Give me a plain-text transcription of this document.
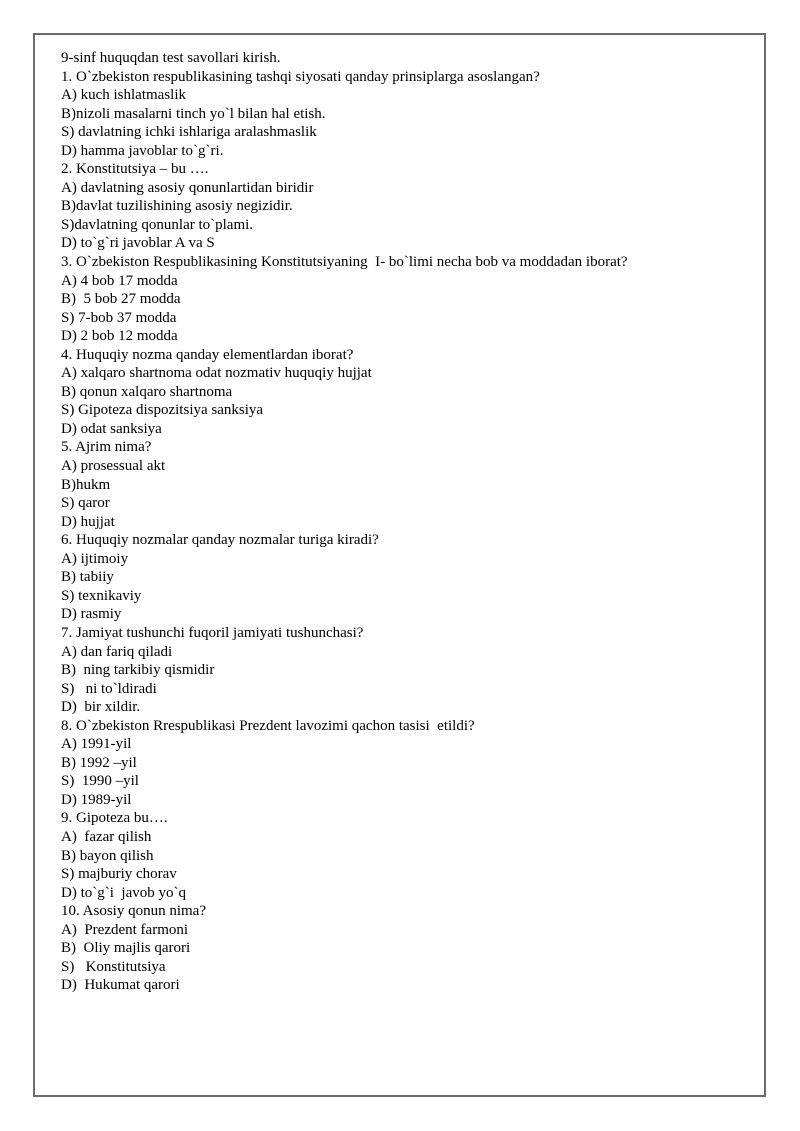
9-sinf huquqdan test savollari kirish.

1. O`zbekiston respublikasining tashqi siyosati qanday prinsiplarga asoslangan?

A) kuch ishlatmaslik

B)nizoli masalarni tinch yo`l bilan hal etish.

S) davlatning ichki ishlariga aralashmaslik

D) hamma javoblar to`g`ri.

2. Konstitutsiya – bu ….

A) davlatning asosiy qonunlartidan biridir

B)davlat tuzilishining asosiy negizidir.

S)davlatning qonunlar to`plami.

D) to`g`ri javoblar A va S

3. O`zbekiston Respublikasining Konstitutsiyaning  I- bo`limi necha bob va moddadan iborat?

A) 4 bob 17 modda

B)  5 bob 27 modda

S) 7-bob 37 modda

D) 2 bob 12 modda

4. Huquqiy nozma qanday elementlardan iborat?

A) xalqaro shartnoma odat nozmativ huquqiy hujjat

B) qonun xalqaro shartnoma

S) Gipoteza dispozitsiya sanksiya

D) odat sanksiya

5. Ajrim nima?

A) prosessual akt

B)hukm

S) qaror

D) hujjat

6. Huquqiy nozmalar qanday nozmalar turiga kiradi?

A) ijtimoiy

B) tabiiy

S) texnikaviy

D) rasmiy

7. Jamiyat tushunchi fuqoril jamiyati tushunchasi?

A) dan fariq qiladi

B)  ning tarkibiy qismidir

S)   ni to`ldiradi

D)  bir xildir.

8. O`zbekiston Rrespublikasi Prezdent lavozimi qachon tasisi  etildi?

A) 1991-yil

B) 1992 –yil

S)  1990 –yil

D) 1989-yil

9. Gipoteza bu….

A)  fazar qilish

B) bayon qilish

S) majburiy chorav

D) to`g`i  javob yo`q

10. Asosiy qonun nima?

A)  Prezdent farmoni

B)  Oliy majlis qarori

S)   Konstitutsiya

D)  Hukumat qarori
